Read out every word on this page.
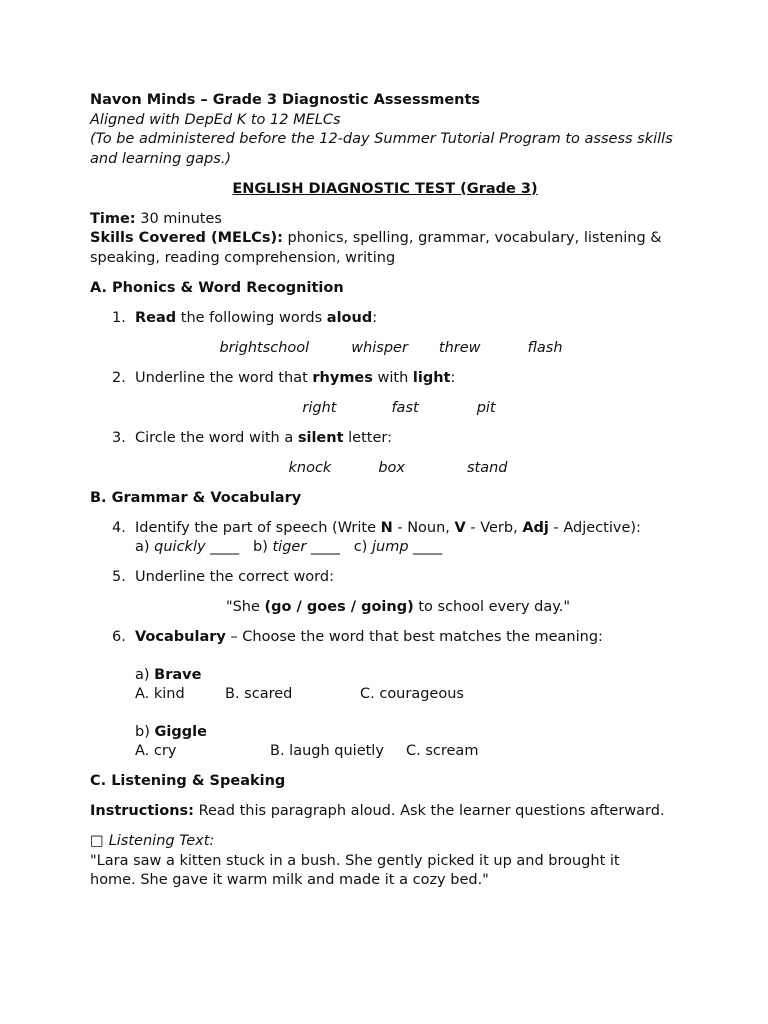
Navon Minds – Grade 3 Diagnostic Assessments
Aligned with DepEd K to 12 MELCs
(To be administered before the 12-day Summer Tutorial Program to assess skills and learning gaps.)
ENGLISH DIAGNOSTIC TEST (Grade 3)
Time: 30 minutes
Skills Covered (MELCs): phonics, spelling, grammar, vocabulary, listening & speaking, reading comprehension, writing
A. Phonics & Word Recognition
1. Read the following words aloud:
brightschool	whisper threw	flash
2. Underline the word that rhymes with light:
right	fast	pit
3. Circle the word with a silent letter:
knock	box	stand
B. Grammar & Vocabulary
4. Identify the part of speech (Write N - Noun, V - Verb, Adj - Adjective):
a) quickly ____   b) tiger ____   c) jump ____
5. Underline the correct word:
"She (go / goes / going) to school every day."
6. Vocabulary – Choose the word that best matches the meaning:
a) Brave
A. kind	B. scared	C. courageous
b) Giggle
A. cry	B. laugh quietly C. scream
C. Listening & Speaking
Instructions: Read this paragraph aloud. Ask the learner questions afterward.
□ Listening Text:
"Lara saw a kitten stuck in a bush. She gently picked it up and brought it home. She gave it warm milk and made it a cozy bed."
